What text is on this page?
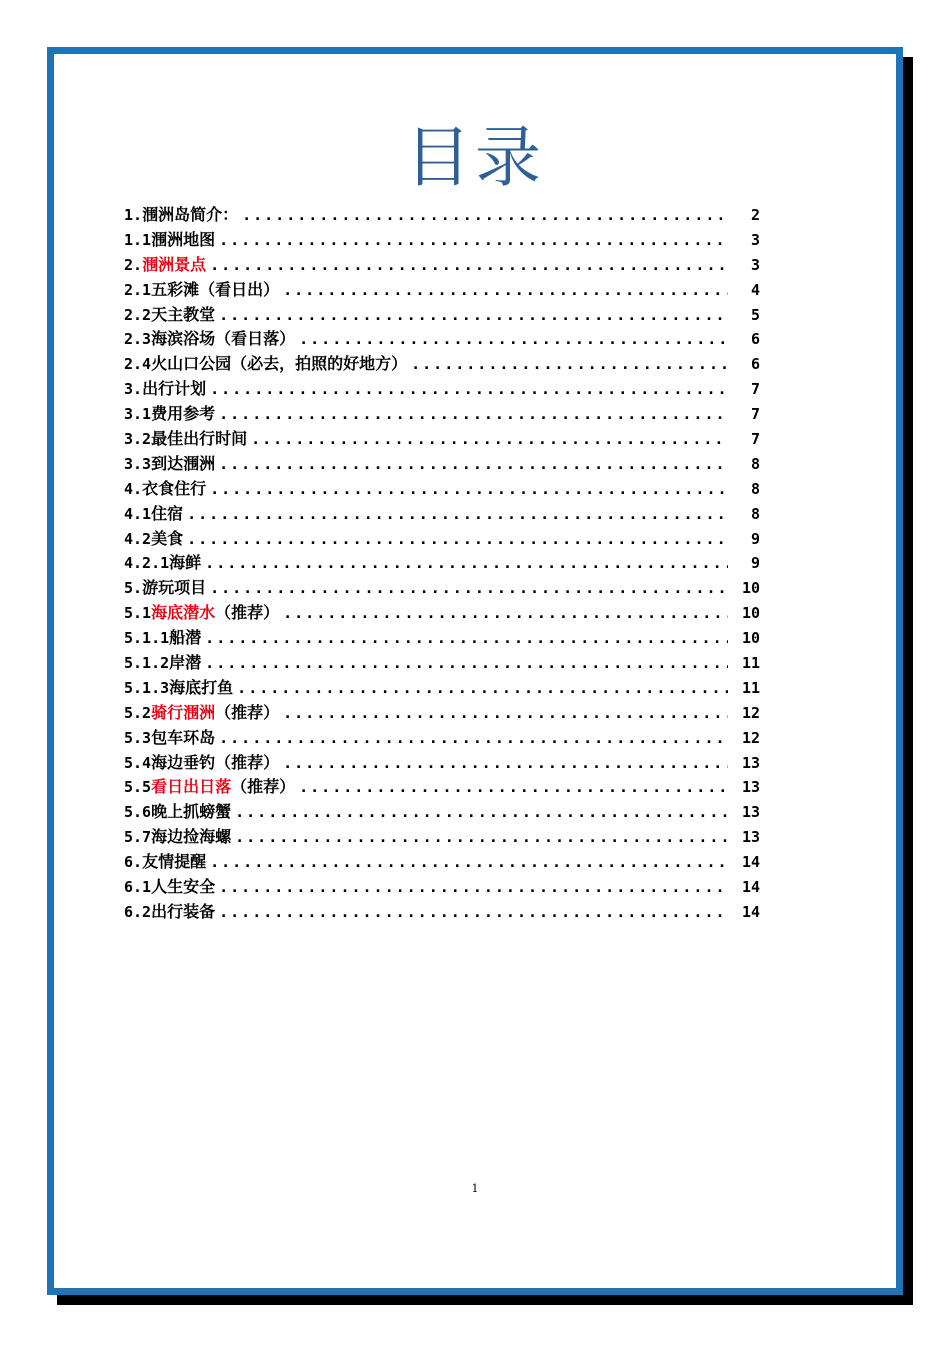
目录
1. 涠洲岛简介： .....	2
1.1 涠洲地图 .....	3
2. 涠洲景点 .....	3
2.1 五彩滩（看日出） .....	4
2.2 天主教堂 .....	5
2.3 海滨浴场（看日落） .....	6
2.4 火山口公园（必去，拍照的好地方） .....	6
3. 出行计划 .....	7
3.1 费用参考 .....	7
3.2 最佳出行时间 .....	7
3.3 到达涠洲 .....	8
4. 衣食住行 .....	8
4.1 住宿 .....	8
4.2 美食 .....	9
4.2.1 海鲜 .....	9
5. 游玩项目 .....	10
5.1 海底潜水（推荐） .....	10
5.1.1 船潜 .....	10
5.1.2 岸潜 .....	11
5.1.3 海底打鱼 .....	11
5.2 骑行涠洲（推荐） .....	12
5.3 包车环岛 .....	12
5.4 海边垂钓（推荐） .....	13
5.5 看日出日落（推荐） .....	13
5.6 晚上抓螃蟹 .....	13
5.7 海边捡海螺 .....	13
6. 友情提醒 .....	14
6.1 人生安全 .....	14
6.2 出行装备 .....	14
1
